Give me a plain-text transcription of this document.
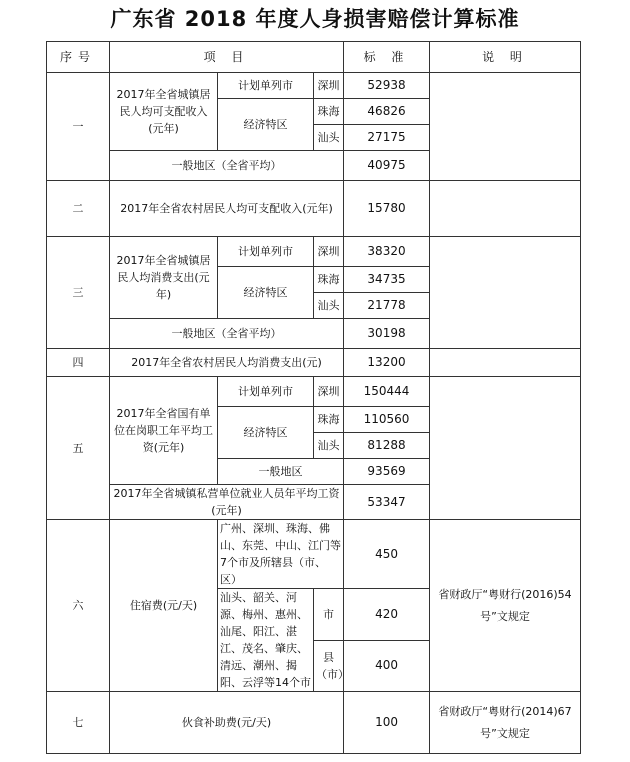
广东省 2018 年度人身损害赔偿计算标准
序号	项 目			标 准	说 明
一	2017年全省城镇居民人均可支配收入(元年)	计划单列市	深圳	52938	
		经济特区	珠海	46826	
			汕头	27175	
	一般地区（全省平均）			40975	
二	2017年全省农村居民人均可支配收入(元年)			15780	
三	2017年全省城镇居民人均消费支出(元年)	计划单列市	深圳	38320	
		经济特区	珠海	34735	
			汕头	21778	
	一般地区（全省平均）			30198	
四	2017年全省农村居民人均消费支出(元)			13200	
五	2017年全省国有单位在岗职工年平均工资(元年)	计划单列市	深圳	150444	
		经济特区	珠海	110560	
			汕头	81288	
		一般地区		93569	
	2017年全省城镇私营单位就业人员年平均工资(元年)			53347	
六	住宿费(元/天)	广州、深圳、珠海、佛山、东莞、中山、江门等7个市及所辖县（市、区）		450	省财政厅“粤财行(2016)54号”文规定
		汕头、韶关、河源、梅州、惠州、汕尾、阳江、湛江、茂名、肇庆、清远、潮州、揭阳、云浮等14个市	市	420	
			县（市）	400	
七	伙食补助费(元/天)			100	省财政厅“粤财行(2014)67号”文规定
